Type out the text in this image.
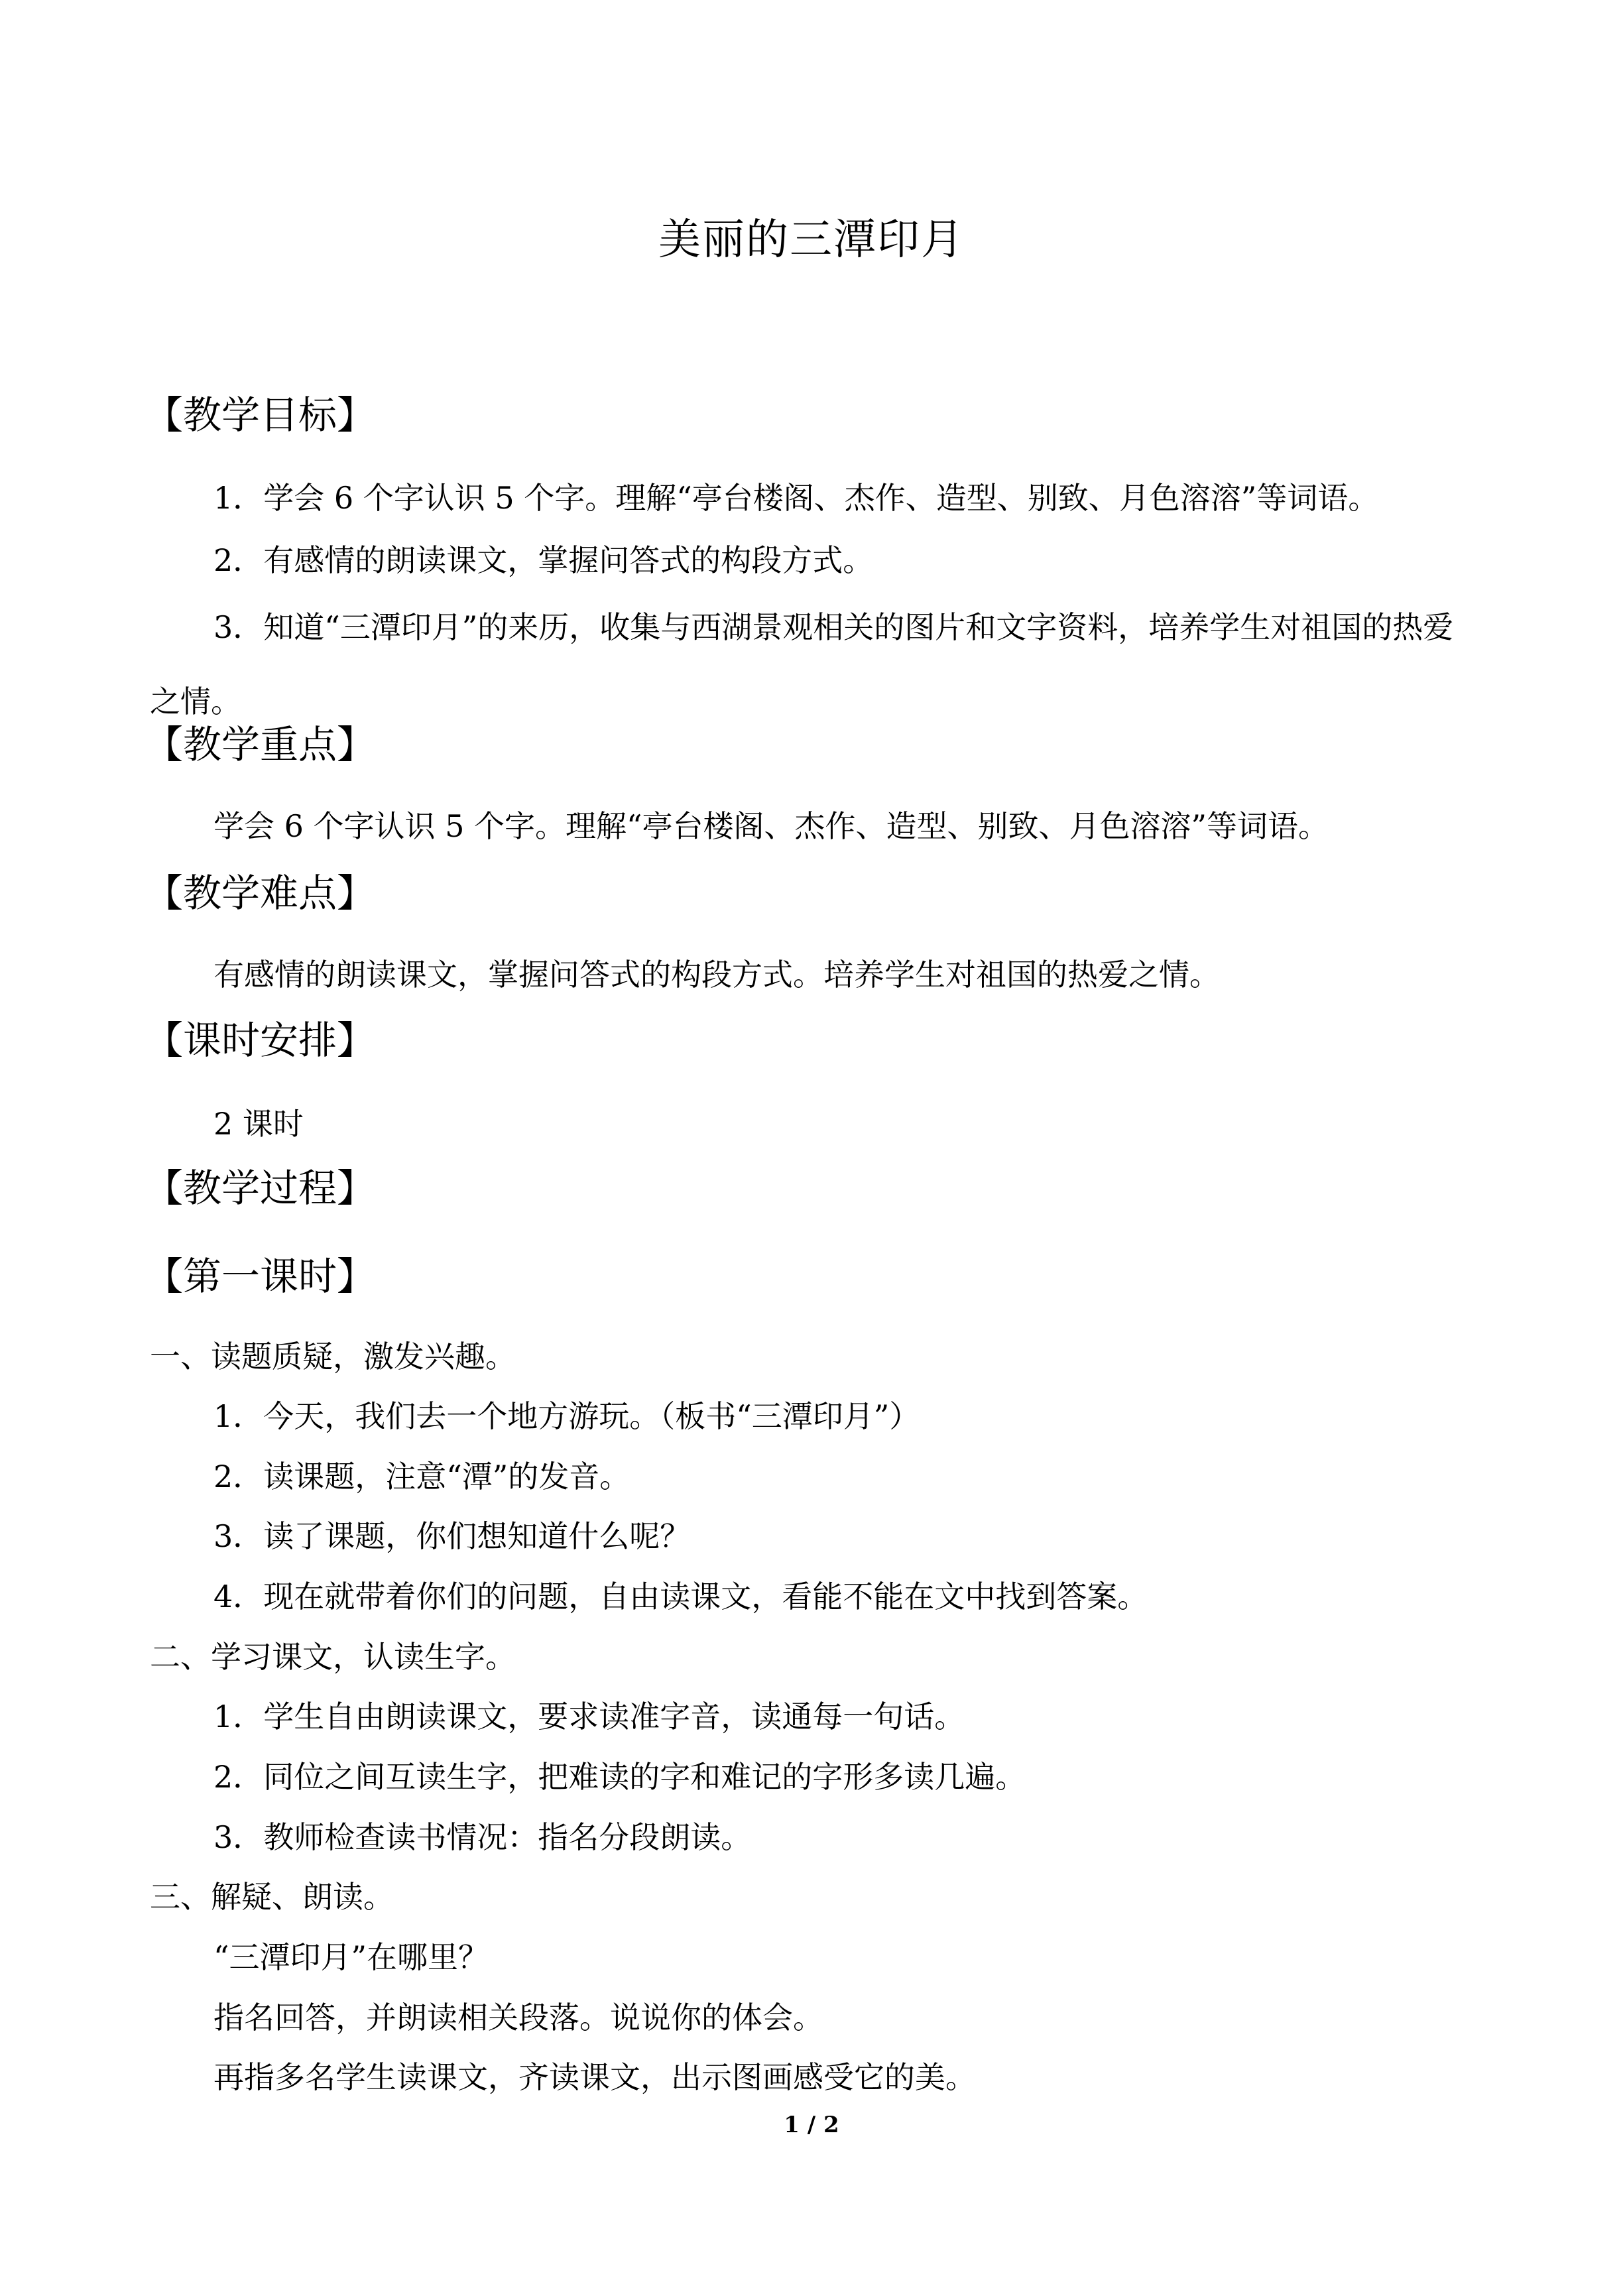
美丽的三潭印月
【教学目标】
1．学会 6 个字认识 5 个字。理解“亭台楼阁、杰作、造型、别致、月色溶溶”等词语。
2．有感情的朗读课文，掌握问答式的构段方式。
3．知道“三潭印月”的来历，收集与西湖景观相关的图片和文字资料，培养学生对祖国的热爱之情。
【教学重点】
学会 6 个字认识 5 个字。理解“亭台楼阁、杰作、造型、别致、月色溶溶”等词语。
【教学难点】
有感情的朗读课文，掌握问答式的构段方式。培养学生对祖国的热爱之情。
【课时安排】
2 课时
【教学过程】
【第一课时】
一、读题质疑，激发兴趣。
1．今天，我们去一个地方游玩。（板书“三潭印月”）
2．读课题，注意“潭”的发音。
3．读了课题，你们想知道什么呢？
4．现在就带着你们的问题，自由读课文，看能不能在文中找到答案。
二、学习课文，认读生字。
1．学生自由朗读课文，要求读准字音，读通每一句话。
2．同位之间互读生字，把难读的字和难记的字形多读几遍。
3．教师检查读书情况：指名分段朗读。
三、解疑、朗读。
“三潭印月”在哪里？
指名回答，并朗读相关段落。说说你的体会。
再指多名学生读课文，齐读课文，出示图画感受它的美。
1 / 2
